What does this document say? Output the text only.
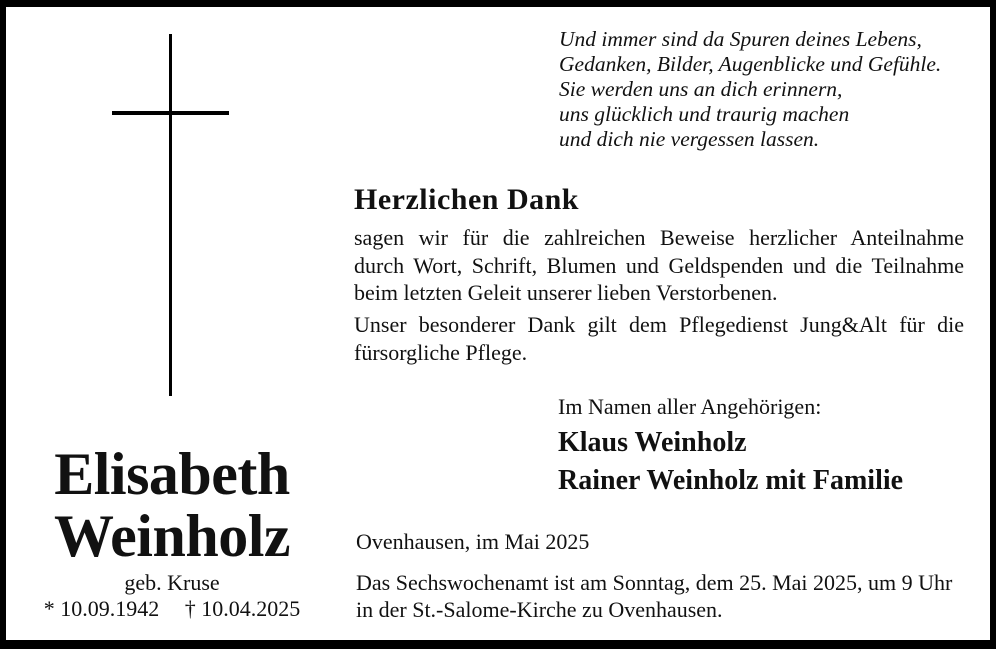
Und immer sind da Spuren deines Lebens,
Gedanken, Bilder, Augenblicke und Gefühle.
Sie werden uns an dich erinnern,
uns glücklich und traurig machen
und dich nie vergessen lassen.
Herzlichen Dank
sagen wir für die zahlreichen Beweise herzlicher Anteilnahme
durch Wort, Schrift, Blumen und Geldspenden und die Teilnahme
beim letzten Geleit unserer lieben Verstorbenen.
Unser besonderer Dank gilt dem Pflegedienst Jung&Alt für die
fürsorgliche Pflege.
Im Namen aller Angehörigen:
Klaus Weinholz
Rainer Weinholz mit Familie
Ovenhausen, im Mai 2025
Das Sechswochenamt ist am Sonntag, dem 25. Mai 2025, um 9 Uhr
in der St.-Salome-Kirche zu Ovenhausen.
Elisabeth
Weinholz
geb. Kruse
* 10.09.1942 † 10.04.2025
